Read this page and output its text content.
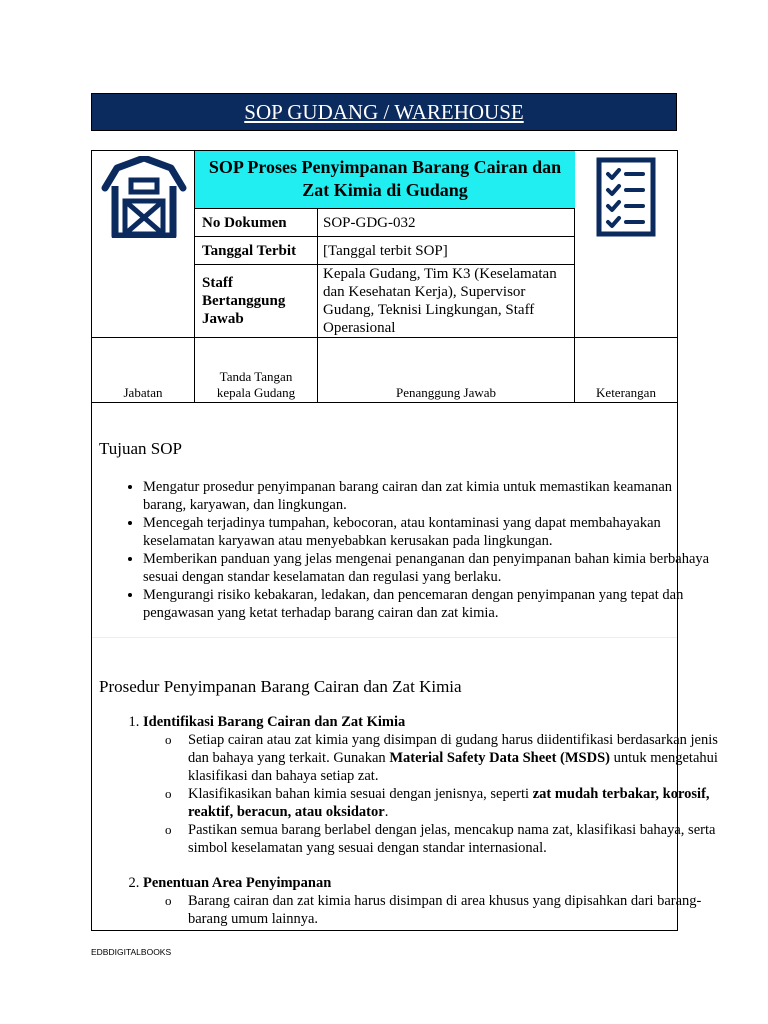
SOP GUDANG / WAREHOUSE
SOP Proses Penyimpanan Barang Cairan dan Zat Kimia di Gudang
No Dokumen SOP-GDG-032
Tanggal Terbit [Tanggal terbit SOP]
Staff Bertanggung Jawab
Kepala Gudang, Tim K3 (Keselamatan dan Kesehatan Kerja), Supervisor Gudang, Teknisi Lingkungan, Staff Operasional
Jabatan
Tanda Tangan kepala Gudang	Penanggung Jawab	Keterangan
Tujuan SOP
• Mengatur prosedur penyimpanan barang cairan dan zat kimia untuk memastikan keamanan barang, karyawan, dan lingkungan.
• Mencegah terjadinya tumpahan, kebocoran, atau kontaminasi yang dapat membahayakan keselamatan karyawan atau menyebabkan kerusakan pada lingkungan.
• Memberikan panduan yang jelas mengenai penanganan dan penyimpanan bahan kimia berbahaya sesuai dengan standar keselamatan dan regulasi yang berlaku.
• Mengurangi risiko kebakaran, ledakan, dan pencemaran dengan penyimpanan yang tepat dan pengawasan yang ketat terhadap barang cairan dan zat kimia.
Prosedur Penyimpanan Barang Cairan dan Zat Kimia
1. Identifikasi Barang Cairan dan Zat Kimia
o Setiap cairan atau zat kimia yang disimpan di gudang harus diidentifikasi berdasarkan jenis dan bahaya yang terkait. Gunakan Material Safety Data Sheet (MSDS) untuk mengetahui klasifikasi dan bahaya setiap zat.
o Klasifikasikan bahan kimia sesuai dengan jenisnya, seperti zat mudah terbakar, korosif, reaktif, beracun, atau oksidator.
o Pastikan semua barang berlabel dengan jelas, mencakup nama zat, klasifikasi bahaya, serta simbol keselamatan yang sesuai dengan standar internasional.
2. Penentuan Area Penyimpanan
o Barang cairan dan zat kimia harus disimpan di area khusus yang dipisahkan dari barang-barang umum lainnya.
EDBDIGITALBOOKS
